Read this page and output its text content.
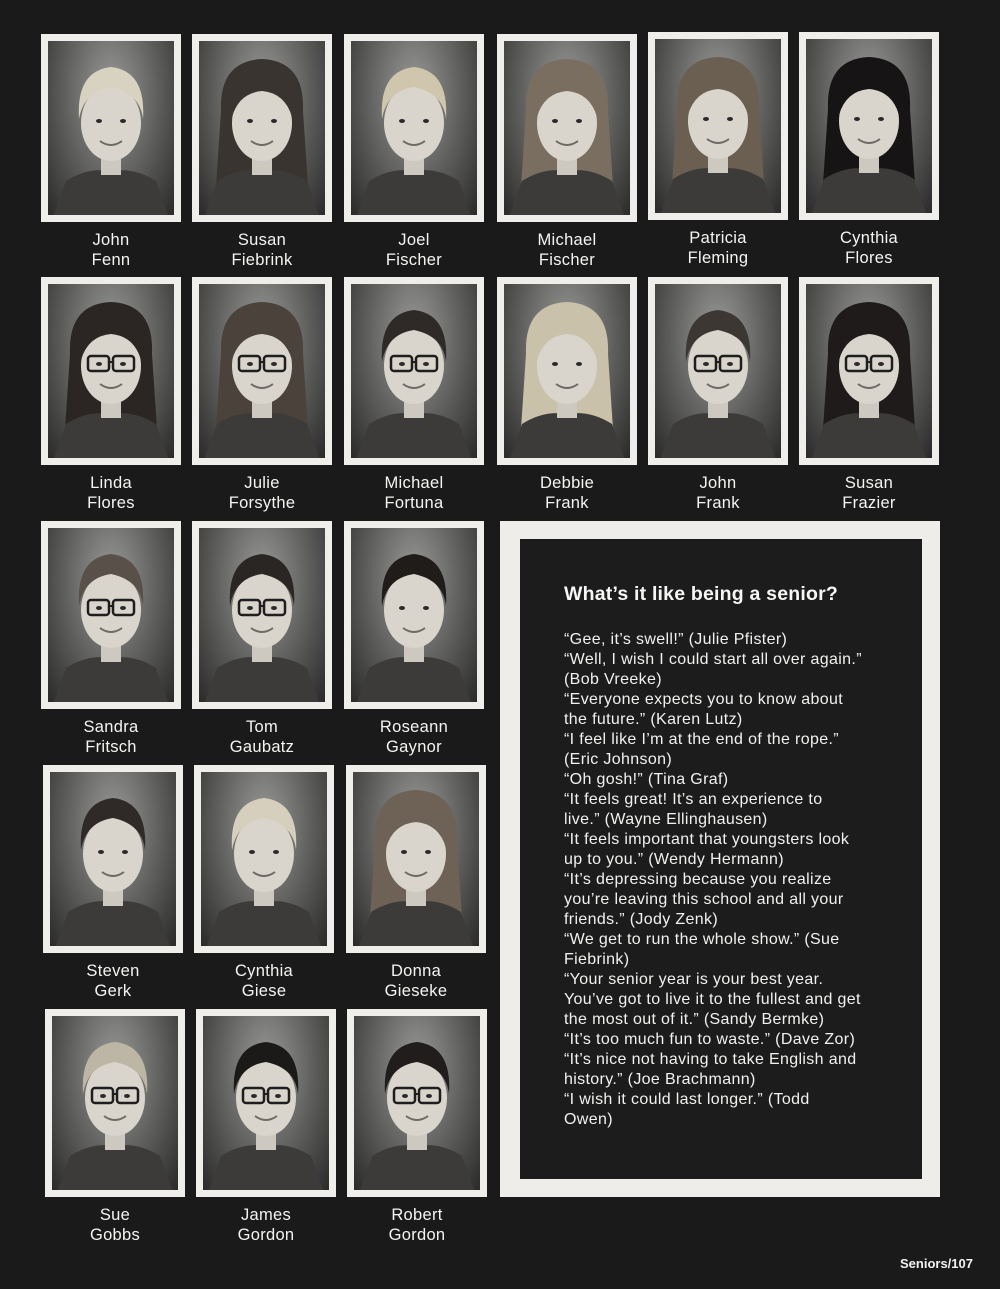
John
Fenn
Susan
Fiebrink
Joel
Fischer
Michael
Fischer
Patricia
Fleming
Cynthia
Flores
Linda
Flores
Julie
Forsythe
Michael
Fortuna
Debbie
Frank
John
Frank
Susan
Frazier
Sandra
Fritsch
Tom
Gaubatz
Roseann
Gaynor
Steven
Gerk
Cynthia
Giese
Donna
Gieseke
Sue
Gobbs
James
Gordon
Robert
Gordon
What’s it like being a senior?
“Gee, it’s swell!” (Julie Pfister)
“Well, I wish I could start all over again.”
(Bob Vreeke)
“Everyone expects you to know about
the future.” (Karen Lutz)
“I feel like I’m at the end of the rope.”
(Eric Johnson)
“Oh gosh!” (Tina Graf)
“It feels great! It’s an experience to
live.” (Wayne Ellinghausen)
“It feels important that youngsters look
up to you.” (Wendy Hermann)
“It’s depressing because you realize
you’re leaving this school and all your
friends.” (Jody Zenk)
“We get to run the whole show.” (Sue
Fiebrink)
“Your senior year is your best year.
You’ve got to live it to the fullest and get
the most out of it.” (Sandy Bermke)
“It’s too much fun to waste.” (Dave Zor)
“It’s nice not having to take English and
history.” (Joe Brachmann)
“I wish it could last longer.” (Todd
Owen)
Seniors/107
